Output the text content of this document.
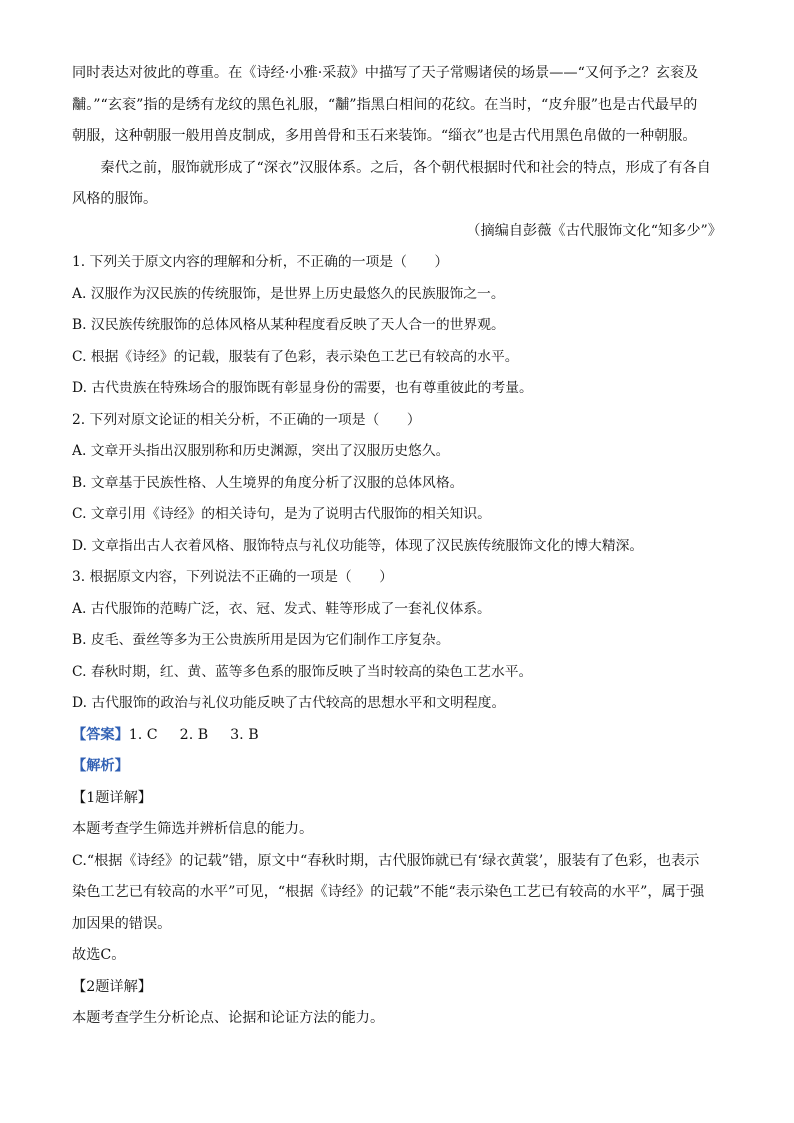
同时表达对彼此的尊重。在《诗经·小雅·采菽》中描写了天子常赐诸侯的场景——“又何予之？玄衮及
黼。”“玄衮”指的是绣有龙纹的黑色礼服，“黼”指黑白相间的花纹。在当时，“皮弁服”也是古代最早的
朝服，这种朝服一般用兽皮制成，多用兽骨和玉石来装饰。“缁衣”也是古代用黑色帛做的一种朝服。
秦代之前，服饰就形成了“深衣”汉服体系。之后，各个朝代根据时代和社会的特点，形成了有各自
风格的服饰。
（摘编自彭薇《古代服饰文化“知多少”》
1. 下列关于原文内容的理解和分析，不正确的一项是（　　）
A. 汉服作为汉民族的传统服饰，是世界上历史最悠久的民族服饰之一。
B. 汉民族传统服饰的总体风格从某种程度看反映了天人合一的世界观。
C. 根据《诗经》的记载，服装有了色彩，表示染色工艺已有较高的水平。
D. 古代贵族在特殊场合的服饰既有彰显身份的需要，也有尊重彼此的考量。
2. 下列对原文论证的相关分析，不正确的一项是（　　）
A. 文章开头指出汉服别称和历史渊源，突出了汉服历史悠久。
B. 文章基于民族性格、人生境界的角度分析了汉服的总体风格。
C. 文章引用《诗经》的相关诗句，是为了说明古代服饰的相关知识。
D. 文章指出古人衣着风格、服饰特点与礼仪功能等，体现了汉民族传统服饰文化的博大精深。
3. 根据原文内容，下列说法不正确的一项是（　　）
A. 古代服饰的范畴广泛，衣、冠、发式、鞋等形成了一套礼仪体系。
B. 皮毛、蚕丝等多为王公贵族所用是因为它们制作工序复杂。
C. 春秋时期，红、黄、蓝等多色系的服饰反映了当时较高的染色工艺水平。
D. 古代服饰的政治与礼仪功能反映了古代较高的思想水平和文明程度。
【答案】1. C 2. B 3. B
【解析】
【1题详解】
本题考查学生筛选并辨析信息的能力。
C.“根据《诗经》的记载”错，原文中“春秋时期，古代服饰就已有‘绿衣黄裳’，服装有了色彩，也表示
染色工艺已有较高的水平”可见，“根据《诗经》的记载”不能“表示染色工艺已有较高的水平”，属于强
加因果的错误。
故选C。
【2题详解】
本题考查学生分析论点、论据和论证方法的能力。
